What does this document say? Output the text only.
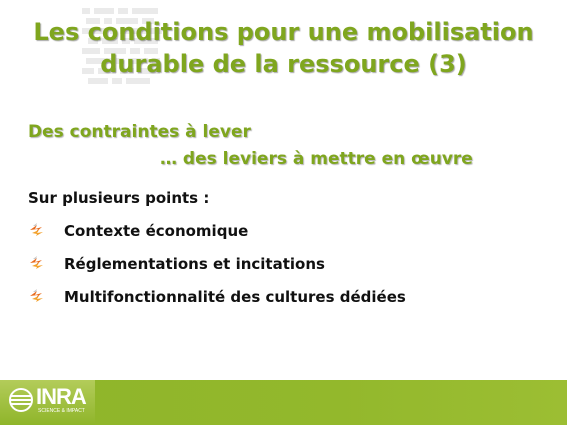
Les conditions pour une mobilisation
durable de la ressource (3)
Des contraintes à lever
… des leviers à mettre en œuvre
Sur plusieurs points :
Contexte économique
Réglementations et incitations
Multifonctionnalité des cultures dédiées
INRA
SCIENCE & IMPACT
